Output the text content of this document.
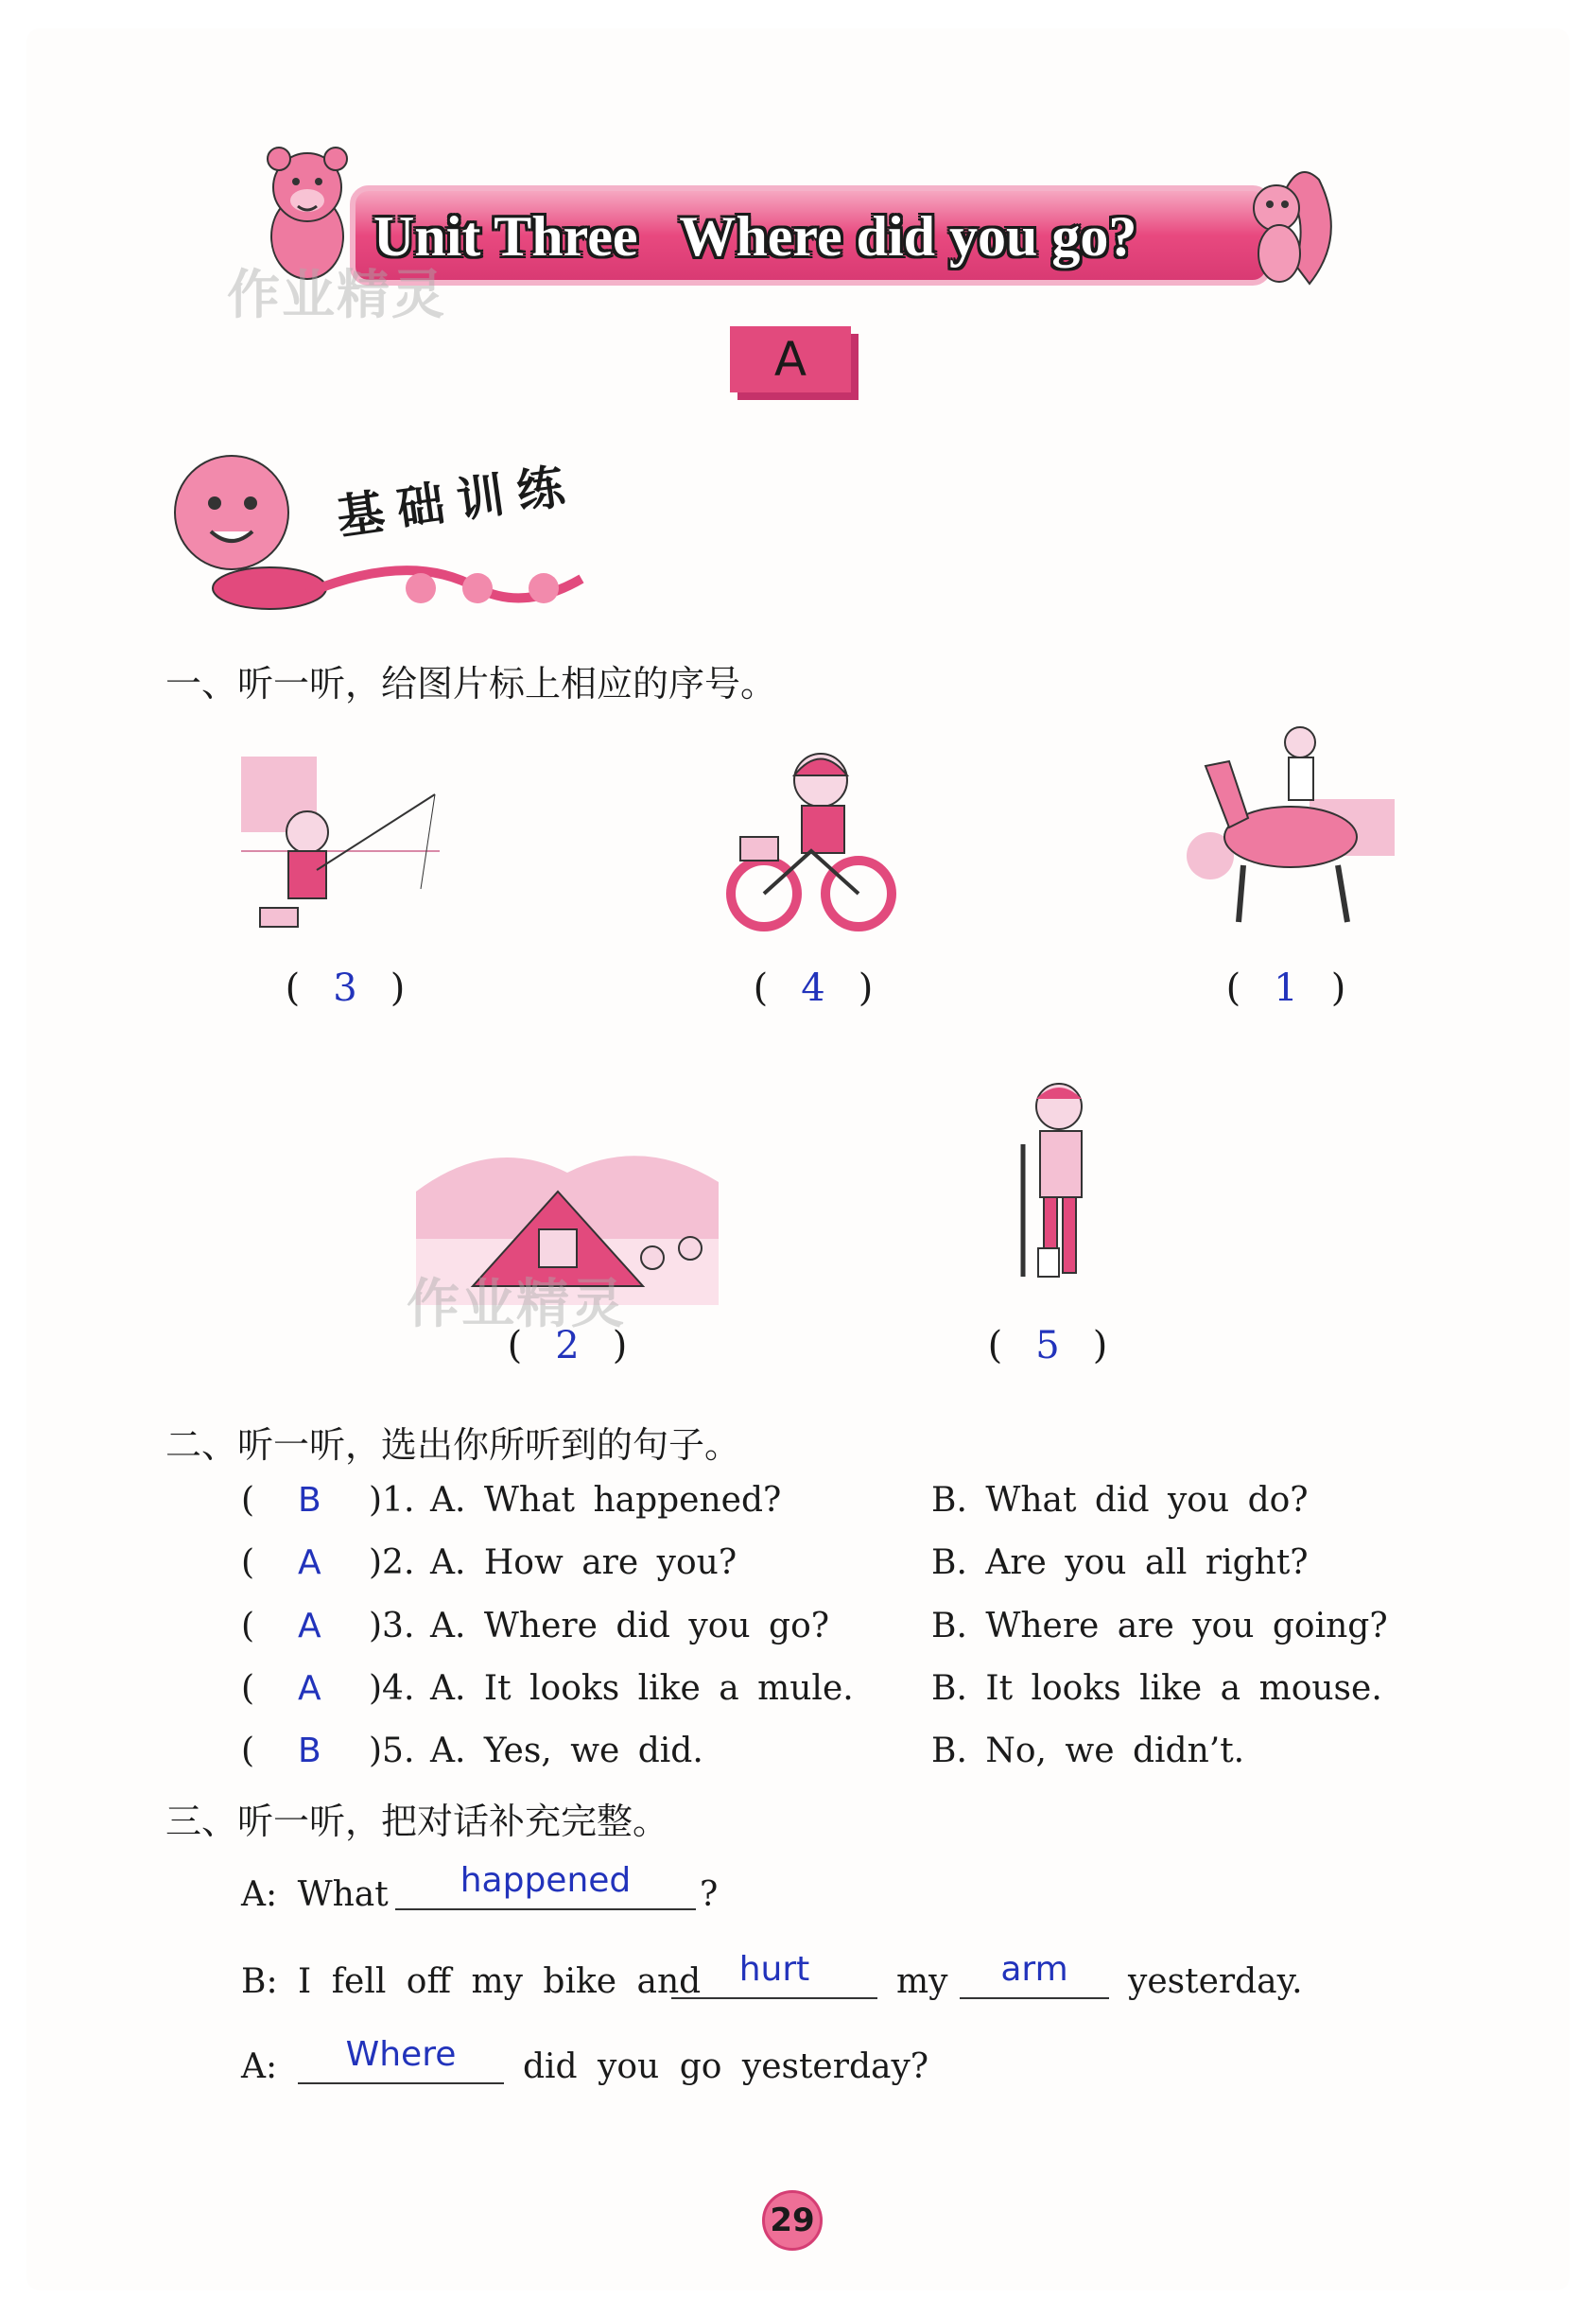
Unit Three Where did you go?
作业精灵
A
基础训练
一、听一听，给图片标上相应的序号。
( 3 )	( 4 )	( 1 )
作业精灵
( 2 )	( 5 )
二、听一听，选出你所听到的句子。
( B )1. A. What happened?	B. What did you do?
( A )2. A. How are you?	B. Are you all right?
( A )3. A. Where did you go?	B. Where are you going?
( A )4. A. It looks like a mule. B. It looks like a mouse.
( B )5. A. Yes, we did.	B. No, we didn’t.
三、听一听，把对话补充完整。
A: What	happened	?
B: I fell off my bike and	hurt	my	arm	yesterday.
A:	Where	did you go yesterday?
29
